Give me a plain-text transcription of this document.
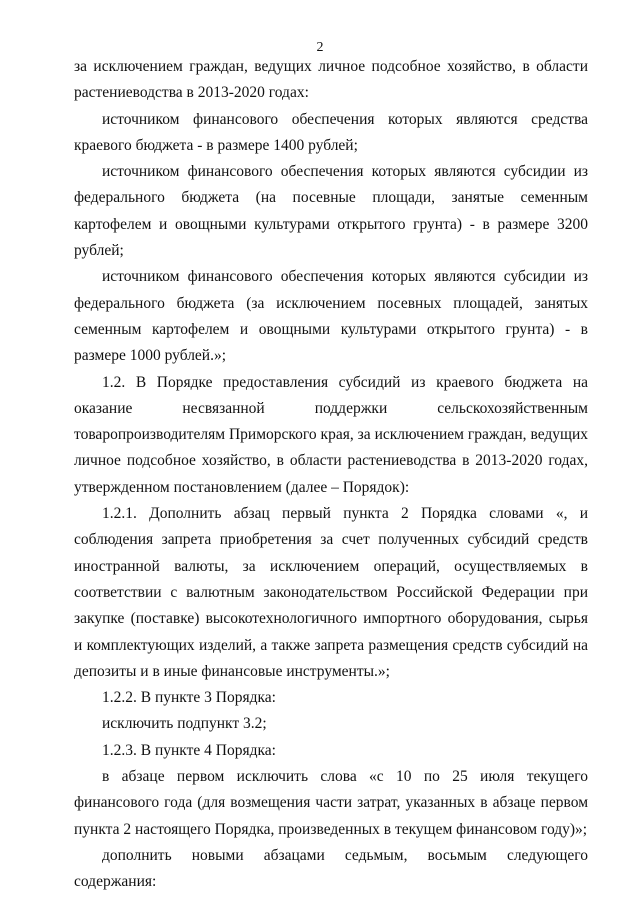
2

за исключением граждан, ведущих личное подсобное хозяйство, в области растениеводства в 2013-2020 годах:

источником финансового обеспечения которых являются средства краевого бюджета - в размере 1400 рублей;

источником финансового обеспечения которых являются субсидии из федерального бюджета (на посевные площади, занятые семенным картофелем и овощными культурами открытого грунта) - в размере 3200 рублей;

источником финансового обеспечения которых являются субсидии из федерального бюджета (за исключением посевных площадей, занятых семенным картофелем и овощными культурами открытого грунта) - в размере 1000 рублей.»;

1.2. В Порядке предоставления субсидий из краевого бюджета на оказание несвязанной поддержки сельскохозяйственным товаропроизводителям Приморского края, за исключением граждан, ведущих личное подсобное хозяйство, в области растениеводства в 2013-2020 годах, утвержденном постановлением (далее – Порядок):

1.2.1. Дополнить абзац первый пункта 2 Порядка словами «, и соблюдения запрета приобретения за счет полученных субсидий средств иностранной валюты, за исключением операций, осуществляемых в соответствии с валютным законодательством Российской Федерации при закупке (поставке) высокотехнологичного импортного оборудования, сырья и комплектующих изделий, а также запрета размещения средств субсидий на депозиты и в иные финансовые инструменты.»;

1.2.2. В пункте 3 Порядка:

исключить подпункт 3.2;

1.2.3. В пункте 4 Порядка:

в абзаце первом исключить слова «с 10 по 25 июля текущего финансового года (для возмещения части затрат, указанных в абзаце первом пункта 2 настоящего Порядка, произведенных в текущем финансовом году)»;

дополнить новыми абзацами седьмым, восьмым следующего содержания:
